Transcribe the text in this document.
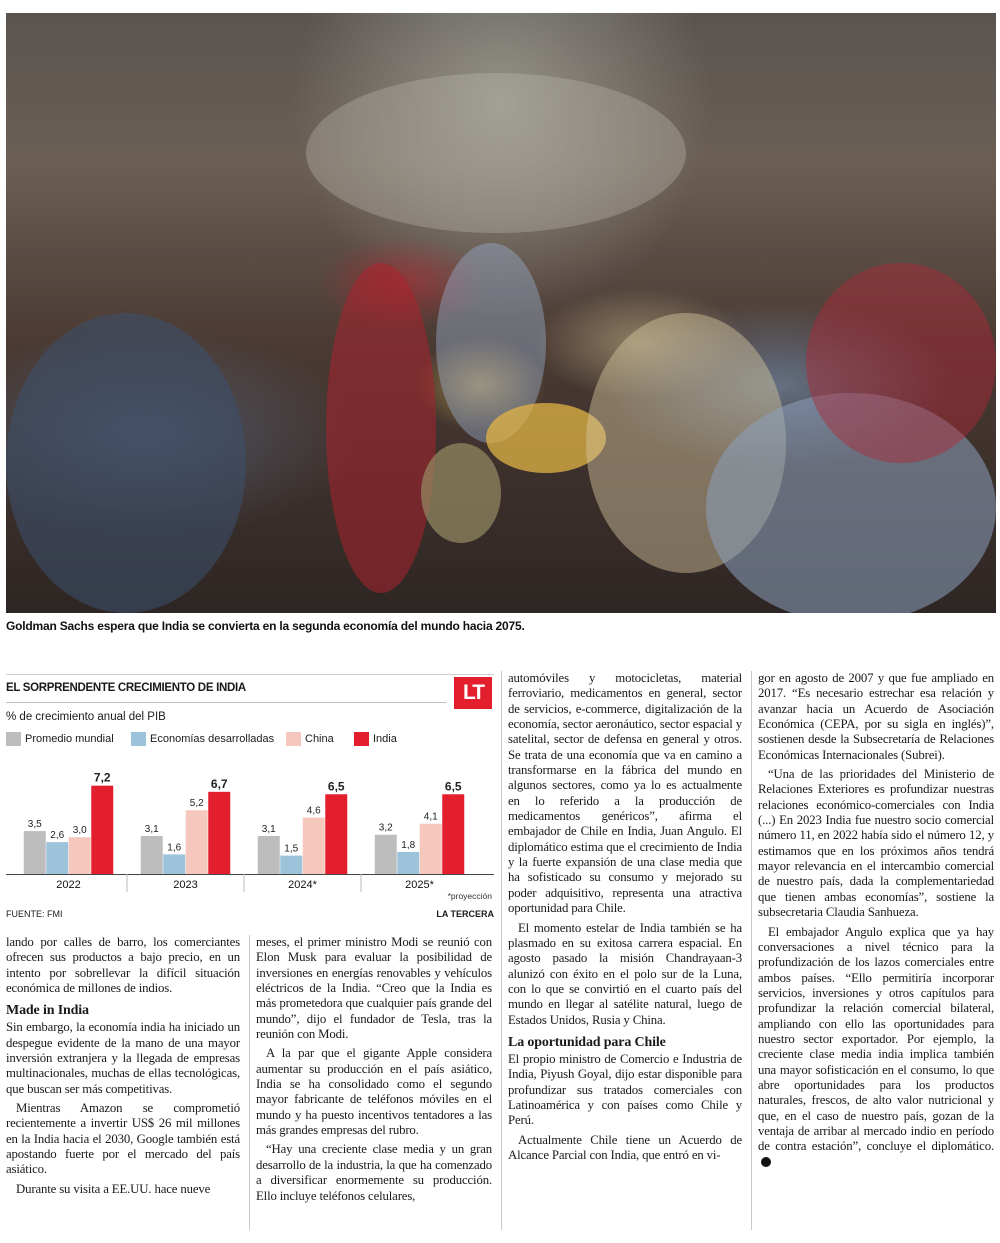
Goldman Sachs espera que India se convierta en la segunda economía del mundo hacia 2075.
EL SORPRENDENTE CRECIMIENTO DE INDIA	LT
% de crecimiento anual del PIB
Promedio mundial	Economías desarrolladas	China	India
3,5
2,6 3,0
7,2
2022
3,1
1,6
5,2
6,7
2023
3,1
1,5
4,6
6,5
2024*
3,2
1,8
4,1
6,5
2025*
*proyección
FUENTE: FMI	LA TERCERA

lando por calles de barro, los comerciantes ofrecen sus productos a bajo precio, en un intento por sobrellevar la difícil situación económica de millones de indios.

Made in India

Sin embargo, la economía india ha iniciado un despegue evidente de la mano de una mayor inversión extranjera y la llegada de empresas multinacionales, muchas de ellas tecnológicas, que buscan ser más competitivas.

Mientras Amazon se comprometió recientemente a invertir US$ 26 mil millones en la India hacia el 2030, Google también está apostando fuerte por el mercado del país asiático.

Durante su visita a EE.UU. hace nueve

meses, el primer ministro Modi se reunió con Elon Musk para evaluar la posibilidad de inversiones en energías renovables y vehículos eléctricos de la India. “Creo que la India es más prometedora que cualquier país grande del mundo”, dijo el fundador de Tesla, tras la reunión con Modi.

A la par que el gigante Apple considera aumentar su producción en el país asiático, India se ha consolidado como el segundo mayor fabricante de teléfonos móviles en el mundo y ha puesto incentivos tentadores a las más grandes empresas del rubro.

“Hay una creciente clase media y un gran desarrollo de la industria, la que ha comenzado a diversificar enormemente su producción. Ello incluye teléfonos celulares,

automóviles y motocicletas, material ferroviario, medicamentos en general, sector de servicios, e-commerce, digitalización de la economía, sector aeronáutico, sector espacial y satelital, sector de defensa en general y otros. Se trata de una economía que va en camino a transformarse en la fábrica del mundo en algunos sectores, como ya lo es actualmente en lo referido a la producción de medicamentos genéricos”, afirma el embajador de Chile en India, Juan Angulo. El diplomático estima que el crecimiento de India y la fuerte expansión de una clase media que ha sofisticado su consumo y mejorado su poder adquisitivo, representa una atractiva oportunidad para Chile.

El momento estelar de India también se ha plasmado en su exitosa carrera espacial. En agosto pasado la misión Chandrayaan-3 alunizó con éxito en el polo sur de la Luna, con lo que se convirtió en el cuarto país del mundo en llegar al satélite natural, luego de Estados Unidos, Rusia y China.

La oportunidad para Chile

El propio ministro de Comercio e Industria de India, Piyush Goyal, dijo estar disponible para profundizar sus tratados comerciales con Latinoamérica y con países como Chile y Perú.

Actualmente Chile tiene un Acuerdo de Alcance Parcial con India, que entró en vi-

gor en agosto de 2007 y que fue ampliado en 2017. “Es necesario estrechar esa relación y avanzar hacia un Acuerdo de Asociación Económica (CEPA, por su sigla en inglés)”, sostienen desde la Subsecretaría de Relaciones Económicas Internacionales (Subrei).

“Una de las prioridades del Ministerio de Relaciones Exteriores es profundizar nuestras relaciones económico-comerciales con India (...) En 2023 India fue nuestro socio comercial número 11, en 2022 había sido el número 12, y estimamos que en los próximos años tendrá mayor relevancia en el intercambio comercial de nuestro país, dada la complementariedad que tienen ambas economías”, sostiene la subsecretaria Claudia Sanhueza.

El embajador Angulo explica que ya hay conversaciones a nivel técnico para la profundización de los lazos comerciales entre ambos países. “Ello permitiría incorporar servicios, inversiones y otros capítulos para profundizar la relación comercial bilateral, ampliando con ello las oportunidades para nuestro sector exportador. Por ejemplo, la creciente clase media india implica también una mayor sofisticación en el consumo, lo que abre oportunidades para los productos naturales, frescos, de alto valor nutricional y que, en el caso de nuestro país, gozan de la ventaja de arribar al mercado indio en período de contra estación”, concluye el diplomático.
